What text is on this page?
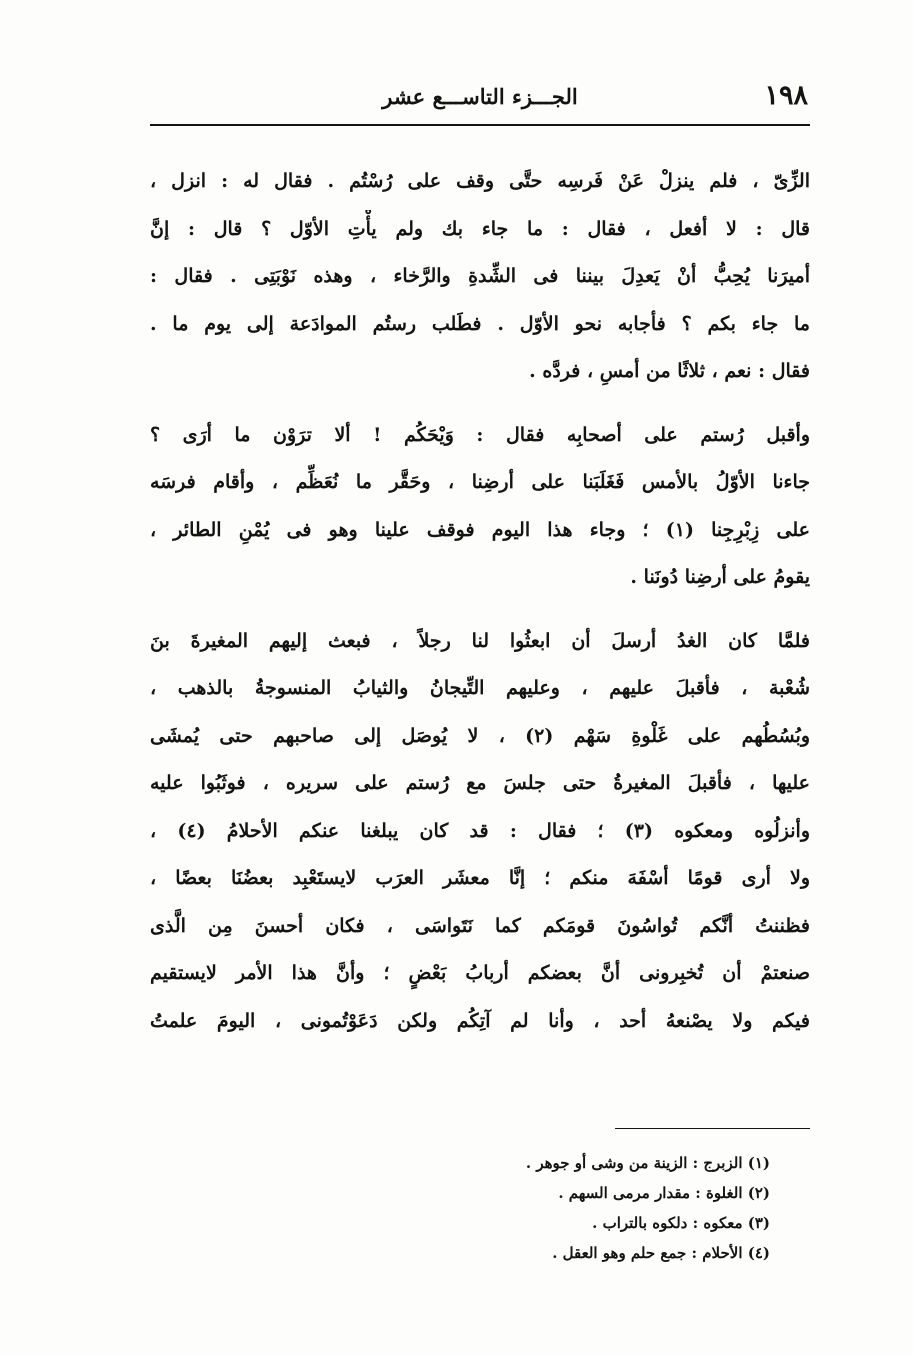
١٩٨
الجـــزء التاســـع عشر
الزِّىّ ، فلم ينزلْ عَنْ فَرسِه حتَّى وقف على رُسْتُم . فقال له : انزل ،
قال : لا أفعل ، فقال : ما جاء بك ولم يأْتِ الأوّل ؟ قال : إنَّ
أميرَنا يُحِبُّ أنْ يَعدِلَ بيننا فى الشِّدةِ والرَّخاء ، وهذه نَوْبَتِى . فقال :
ما جاء بكم ؟ فأجابه نحو الأوّل . فطَلب رستُم الموادَعة إلى يوم ما .
فقال : نعم ، ثلاثًا من أمسِ ، فردَّه .
وأقبل رُستم على أصحابِه فقال : وَيْحَكُم ! ألا ترَوْن ما أرَى ؟
جاءنا الأوّلُ بالأمس فَغَلَبَنا على أرضِنا ، وحَقَّر ما نُعَظِّم ، وأقام فرسَه
على زِبْرِجِنا (١) ؛ وجاء هذا اليوم فوقف علينا وهو فى يُمْنِ الطائر ،
يقومُ على أرضِنا دُونَنا .
فلمَّا كان الغدُ أرسلَ أن ابعثُوا لنا رجلاً ، فبعث إليهم المغيرةَ بنَ
شُعْبة ، فأقبلَ عليهم ، وعليهم التِّيجانُ والثيابُ المنسوجةُ بالذهب ،
وبُسُطُهم على غَلْوةِ سَهْم (٢) ، لا يُوصَل إلى صاحبهم حتى يُمشَى
عليها ، فأقبلَ المغيرةُ حتى جلسَ مع رُستم على سريره ، فوثَبُوا عليه
وأنزلُوه ومعكوه (٣) ؛ فقال : قد كان يبلغنا عنكم الأحلامُ (٤) ،
ولا أرى قومًا أسْفَهَ منكم ؛ إنَّا معشَر العرَب لايستَعْبِد بعضُنَا بعضًا ،
فظننتُ أنَّكم تُواسُونَ قومَكم كما نَتَواسَى ، فكان أحسنَ مِن الَّذى
صنعتمْ أن تُخبِرونى أنَّ بعضكم أربابُ بَعْضٍ ؛ وأنَّ هذا الأمر لايستقيم
فيكم ولا يصْنعهُ أحد ، وأنا لم آتِكُم ولكن دَعَوْتُمونى ، اليومَ علمتُ
(١) الزبرج : الزينة من وشى أو جوهر .
(٢) الغلوة : مقدار مرمى السهم .
(٣) معكوه : دلكوه بالتراب .
(٤) الأحلام : جمع حلم وهو العقل .
